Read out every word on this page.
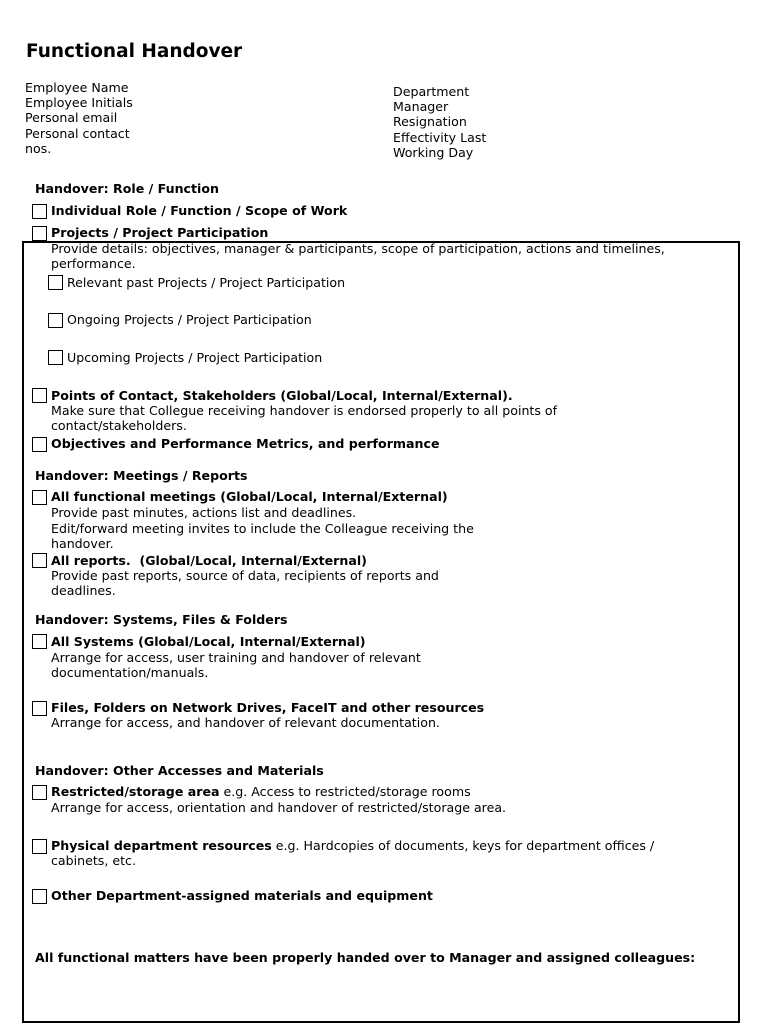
Functional Handover
Employee Name
Employee Initials
Personal email
Personal contact
nos.
Department
Manager
Resignation
Effectivity Last
Working Day
Handover: Role / Function
Individual Role / Function / Scope of Work
Projects / Project Participation
Provide details: objectives, manager & participants, scope of participation, actions and timelines, performance.
Relevant past Projects / Project Participation
Ongoing Projects / Project Participation
Upcoming Projects / Project Participation
Points of Contact, Stakeholders (Global/Local, Internal/External).
Make sure that Collegue receiving handover is endorsed properly to all points of contact/stakeholders.
Objectives and Performance Metrics, and performance
Handover: Meetings / Reports
All functional meetings (Global/Local, Internal/External)
Provide past minutes, actions list and deadlines.
Edit/forward meeting invites to include the Colleague receiving the handover.
All reports.  (Global/Local, Internal/External)
Provide past reports, source of data, recipients of reports and deadlines.
Handover: Systems, Files & Folders
All Systems (Global/Local, Internal/External)
Arrange for access, user training and handover of relevant documentation/manuals.
Files, Folders on Network Drives, FaceIT and other resources
Arrange for access, and handover of relevant documentation.
Handover: Other Accesses and Materials
Restricted/storage area e.g. Access to restricted/storage rooms
Arrange for access, orientation and handover of restricted/storage area.
Physical department resources e.g. Hardcopies of documents, keys for department offices / cabinets, etc.
Other Department-assigned materials and equipment
All functional matters have been properly handed over to Manager and assigned colleagues:
